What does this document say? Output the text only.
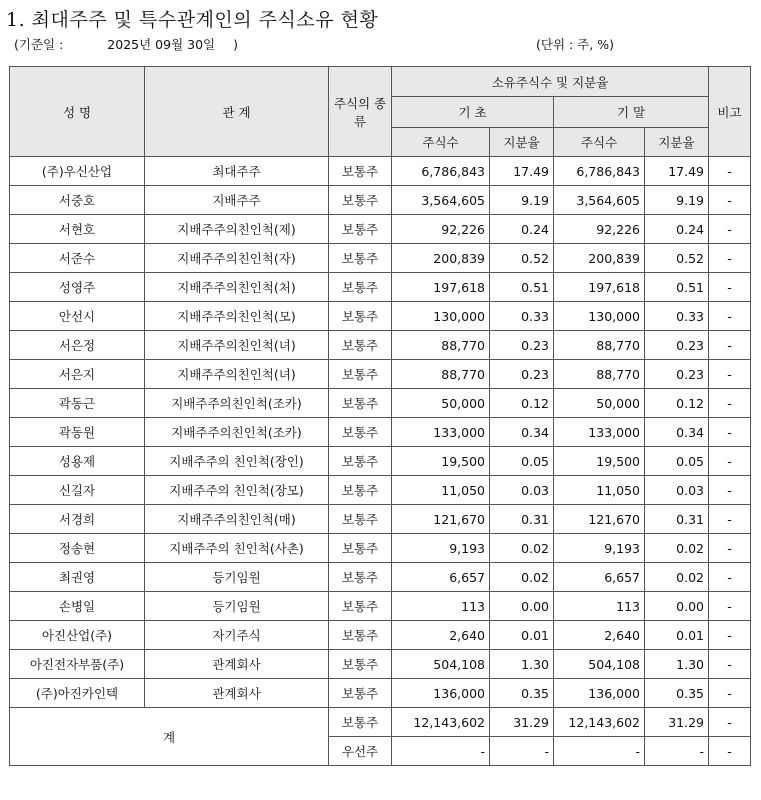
1. 최대주주 및 특수관계인의 주식소유 현황
(기준일 :	2025년 09월 30일 )	(단위 : 주, %)
성 명	관 계	주식의 종류	소유주식수 및 지분율				비고
			기 초		기 말		
			주식수	지분율	주식수	지분율	
(주)우신산업	최대주주	보통주	6,786,843	17.49	6,786,843	17.49	-
서중호	지배주주	보통주	3,564,605	9.19	3,564,605	9.19	-
서현호	지배주주의친인척(제)	보통주	92,226	0.24	92,226	0.24	-
서준수	지배주주의친인척(자)	보통주	200,839	0.52	200,839	0.52	-
성영주	지배주주의친인척(처)	보통주	197,618	0.51	197,618	0.51	-
안선시	지배주주의친인척(모)	보통주	130,000	0.33	130,000	0.33	-
서은정	지배주주의친인척(녀)	보통주	88,770	0.23	88,770	0.23	-
서은지	지배주주의친인척(녀)	보통주	88,770	0.23	88,770	0.23	-
곽동근	지배주주의친인척(조카)	보통주	50,000	0.12	50,000	0.12	-
곽동원	지배주주의친인척(조카)	보통주	133,000	0.34	133,000	0.34	-
성용제	지배주주의 친인척(장인)	보통주	19,500	0.05	19,500	0.05	-
신길자	지배주주의 친인척(장모)	보통주	11,050	0.03	11,050	0.03	-
서경희	지배주주의친인척(매)	보통주	121,670	0.31	121,670	0.31	-
정송현	지배주주의 친인척(사촌)	보통주	9,193	0.02	9,193	0.02	-
최권영	등기임원	보통주	6,657	0.02	6,657	0.02	-
손병일	등기임원	보통주	113	0.00	113	0.00	-
아진산업(주)	자기주식	보통주	2,640	0.01	2,640	0.01	-
아진전자부품(주)	관계회사	보통주	504,108	1.30	504,108	1.30	-
(주)아진카인텍	관계회사	보통주	136,000	0.35	136,000	0.35	-
계		보통주	12,143,602	31.29	12,143,602	31.29	-
		우선주	-	-	-	-	-
